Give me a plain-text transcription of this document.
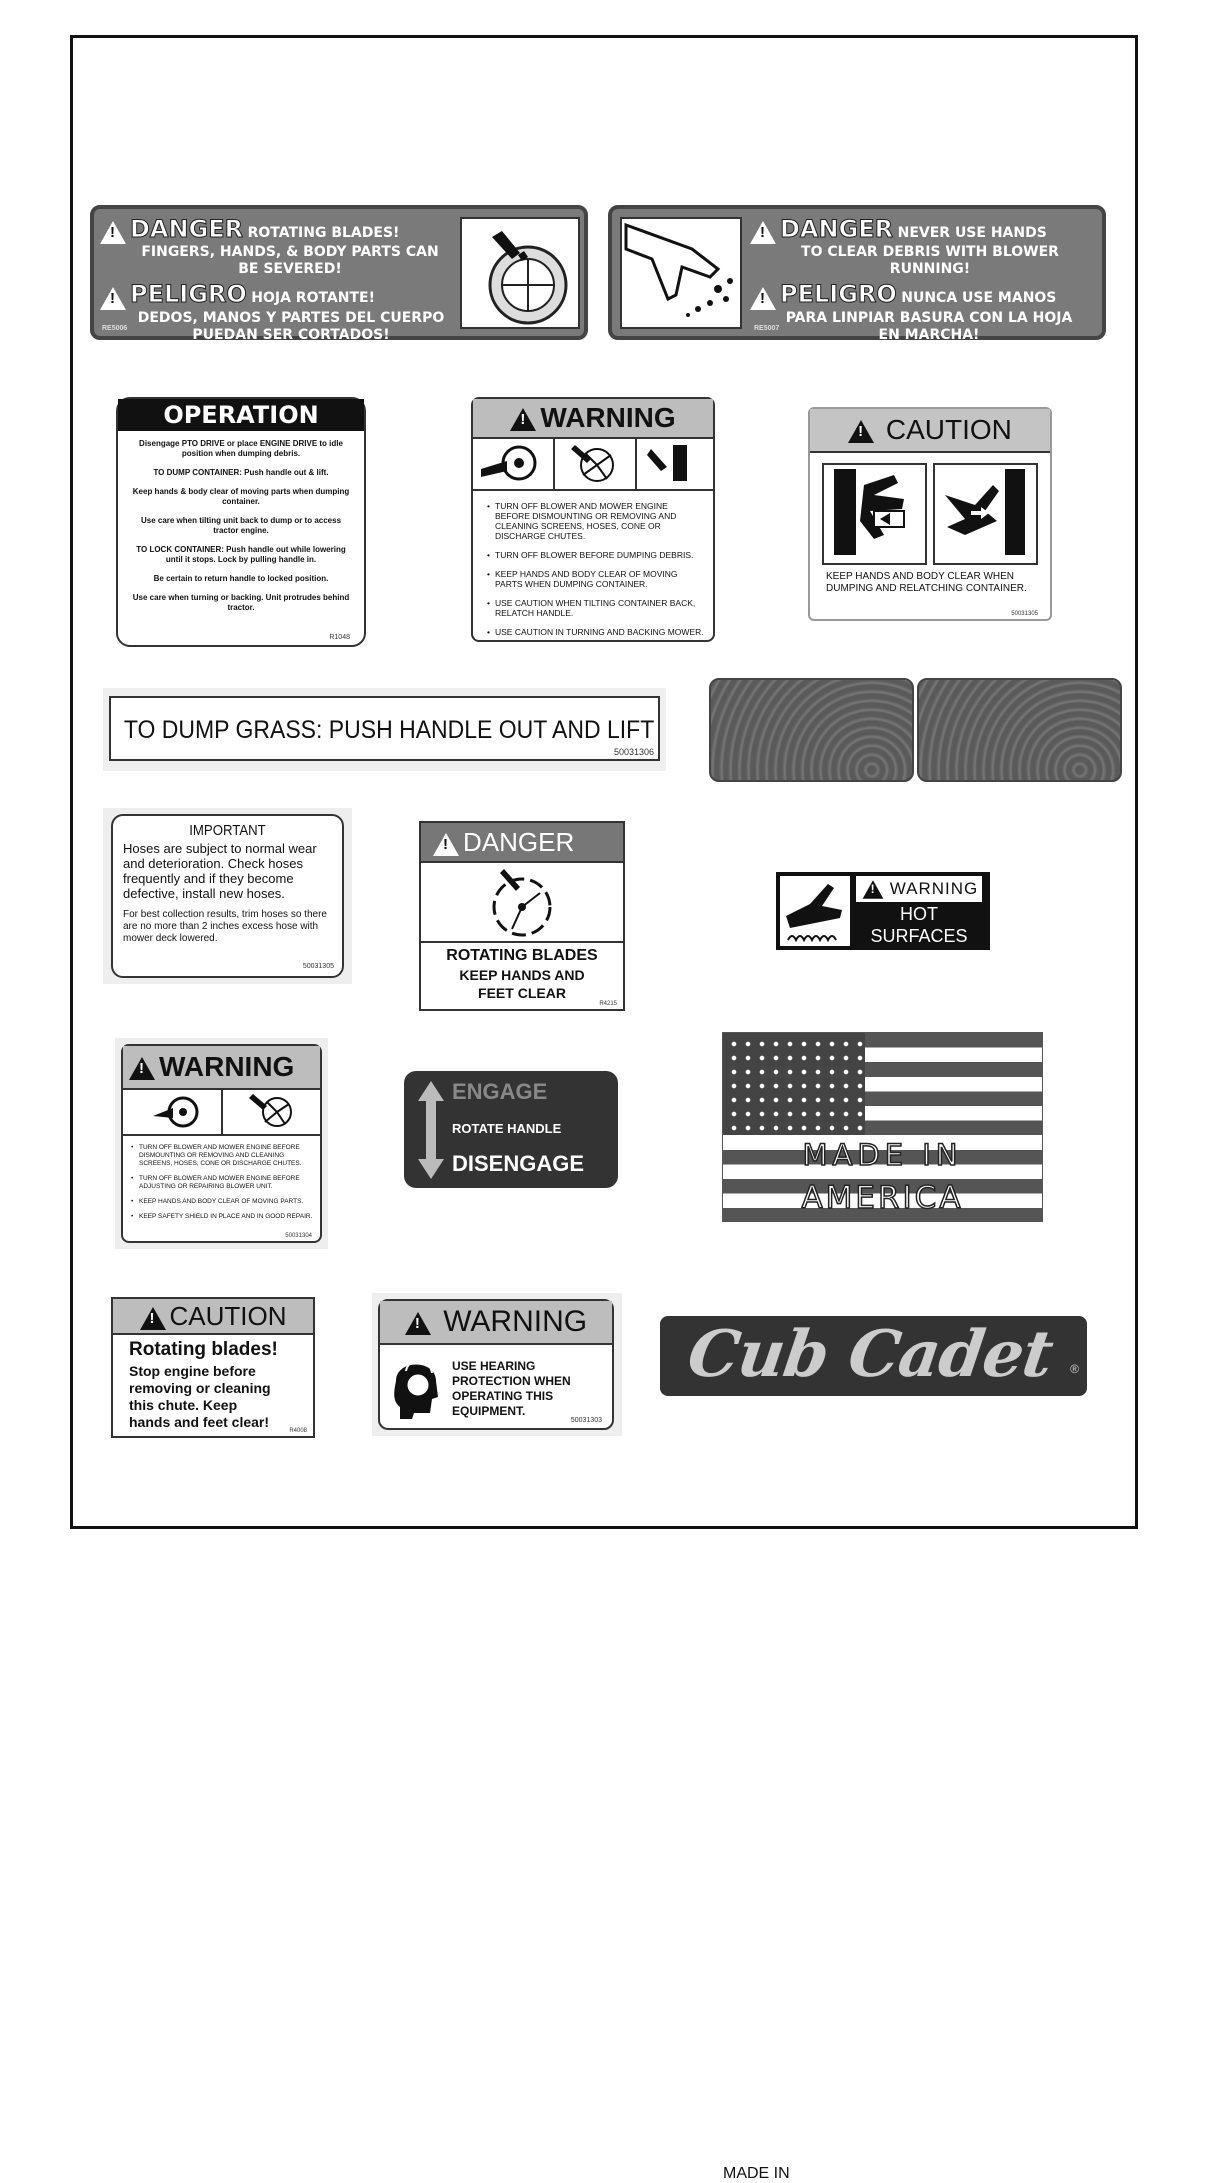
!DANGER ROTATING BLADES!
FINGERS, HANDS, & BODY PARTS CAN BE SEVERED!
!PELIGRO HOJA ROTANTE!
DEDOS, MANOS Y PARTES DEL CUERPO PUEDAN SER CORTADOS!
RE5006
!DANGER NEVER USE HANDS
TO CLEAR DEBRIS WITH BLOWER RUNNING!
!PELIGRO NUNCA USE MANOS
PARA LINPIAR BASURA CON LA HOJA EN MARCHA!
RE5007
OPERATION
Disengage PTO DRIVE or place ENGINE DRIVE to idle position when dumping debris.
TO DUMP CONTAINER: Push handle out & lift.
Keep hands & body clear of moving parts when dumping container.
Use care when tilting unit back to dump or to access tractor engine.
TO LOCK CONTAINER: Push handle out while lowering until it stops. Lock by pulling handle in.
Be certain to return handle to locked position.
Use care when turning or backing. Unit protrudes behind tractor.
R1048
!WARNING
• TURN OFF BLOWER AND MOWER ENGINE BEFORE DISMOUNTING OR REMOVING AND CLEANING SCREENS, HOSES, CONE OR DISCHARGE CHUTES.
• TURN OFF BLOWER BEFORE DUMPING DEBRIS.
• KEEP HANDS AND BODY CLEAR OF MOVING PARTS WHEN DUMPING CONTAINER.
• USE CAUTION WHEN TILTING CONTAINER BACK, RELATCH HANDLE.
• USE CAUTION IN TURNING AND BACKING MOWER.
! CAUTION
KEEP HANDS AND BODY CLEAR WHEN DUMPING AND RELATCHING CONTAINER.
50031305
TO DUMP GRASS: PUSH HANDLE OUT AND LIFT
50031306
IMPORTANT
Hoses are subject to normal wear and deterioration. Check hoses frequently and if they become defective, install new hoses.
For best collection results, trim hoses so there are no more than 2 inches excess hose with mower deck lowered.
50031305
!DANGER
ROTATING BLADES
KEEP HANDS AND
FEET CLEAR
R4215
!WARNING
HOT
SURFACES
!WARNING
• TURN OFF BLOWER AND MOWER ENGINE BEFORE DISMOUNTING OR REMOVING AND CLEANING SCREENS, HOSES, CONE OR DISCHARGE CHUTES.
• TURN OFF BLOWER AND MOWER ENGINE BEFORE ADJUSTING OR REPAIRING BLOWER UNIT.
• KEEP HANDS AND BODY CLEAR OF MOVING PARTS.
• KEEP SAFETY SHIELD IN PLACE AND IN GOOD REPAIR.
50031304
ENGAGE
ROTATE HANDLE
DISENGAGE
MADE IN
MADE IN
AMERICA
!CAUTION
Rotating blades!
Stop engine before removing or cleaning this chute. Keep hands and feet clear!
R4008
! WARNING
USE HEARING PROTECTION WHEN OPERATING THIS EQUIPMENT.
50031303
Cub Cadet	®
